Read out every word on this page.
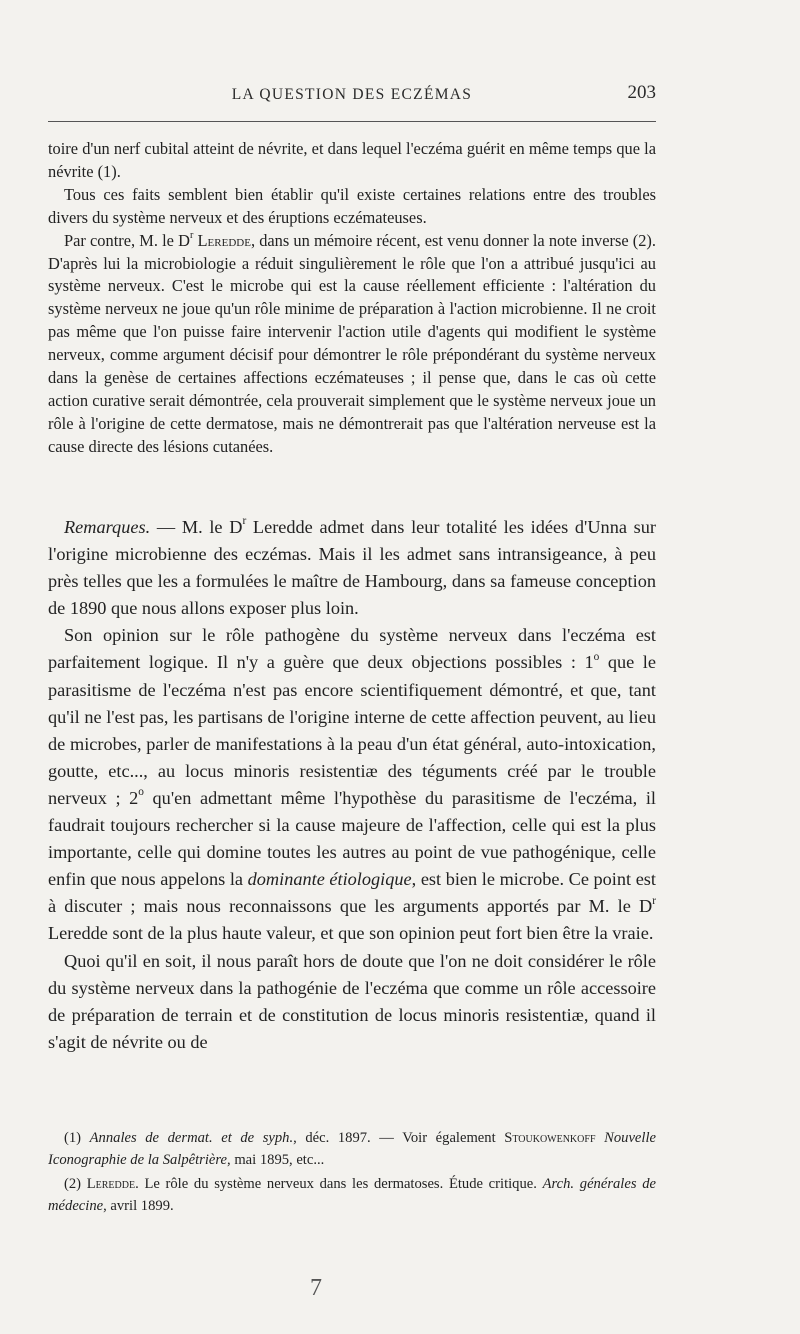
LA QUESTION DES ECZÉMAS	203

toire d'un nerf cubital atteint de névrite, et dans lequel l'eczéma guérit en même temps que la névrite (1).

Tous ces faits semblent bien établir qu'il existe certaines relations entre des troubles divers du système nerveux et des éruptions eczémateuses.

Par contre, M. le $D^r$ Leredde, dans un mémoire récent, est venu donner la note inverse (2). D'après lui la microbiologie a réduit singulièrement le rôle que l'on a attribué jusqu'ici au système nerveux. C'est le microbe qui est la cause réellement efficiente : l'altération du système nerveux ne joue qu'un rôle minime de préparation à l'action microbienne. Il ne croit pas même que l'on puisse faire intervenir l'action utile d'agents qui modifient le système nerveux, comme argument décisif pour démontrer le rôle prépondérant du système nerveux dans la genèse de certaines affections eczémateuses ; il pense que, dans le cas où cette action curative serait démontrée, cela prouverait simplement que le système nerveux joue un rôle à l'origine de cette dermatose, mais ne démontrerait pas que l'altération nerveuse est la cause directe des lésions cutanées.

Remarques. — M. le $D^r$ Leredde admet dans leur totalité les idées d'Unna sur l'origine microbienne des eczémas. Mais il les admet sans intransigeance, à peu près telles que les a formulées le maître de Hambourg, dans sa fameuse conception de 1890 que nous allons exposer plus loin.

Son opinion sur le rôle pathogène du système nerveux dans l'eczéma est parfaitement logique. Il n'y a guère que deux objections possibles : 1$^o$ que le parasitisme de l'eczéma n'est pas encore scientifiquement démontré, et que, tant qu'il ne l'est pas, les partisans de l'origine interne de cette affection peuvent, au lieu de microbes, parler de manifestations à la peau d'un état général, auto-intoxication, goutte, etc..., au locus minoris resistentiæ des téguments créé par le trouble nerveux ; 2$^o$ qu'en admettant même l'hypothèse du parasitisme de l'eczéma, il faudrait toujours rechercher si la cause majeure de l'affection, celle qui est la plus importante, celle qui domine toutes les autres au point de vue pathogénique, celle enfin que nous appelons la dominante étiologique, est bien le microbe. Ce point est à discuter ; mais nous reconnaissons que les arguments apportés par M. le $D^r$ Leredde sont de la plus haute valeur, et que son opinion peut fort bien être la vraie.

Quoi qu'il en soit, il nous paraît hors de doute que l'on ne doit considérer le rôle du système nerveux dans la pathogénie de l'eczéma que comme un rôle accessoire de préparation de terrain et de constitution de locus minoris resistentiæ, quand il s'agit de névrite ou de

(1) Annales de dermat. et de syph., déc. 1897. — Voir également Stoukowenkoff Nouvelle Iconographie de la Salpêtrière, mai 1895, etc...

(2) Leredde. Le rôle du système nerveux dans les dermatoses. Étude critique. Arch. générales de médecine, avril 1899.

7
